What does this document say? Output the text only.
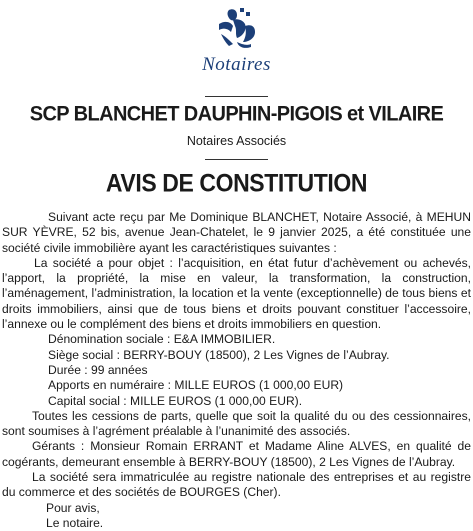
Notaires
SCP BLANCHET DAUPHIN-PIGOIS et VILAIRE
Notaires Associés
AVIS DE CONSTITUTION

Suivant acte reçu par Me Dominique BLANCHET, Notaire Associé, à MEHUN SUR YÈVRE, 52 bis, avenue Jean-Chatelet, le 9 janvier 2025, a été constituée une société civile immobilière ayant les caractéristiques suivantes :

La société a pour objet : l’acquisition, en état futur d’achèvement ou achevés, l’apport, la propriété, la mise en valeur, la transformation, la construction, l’aménagement, l’administration, la location et la vente (exceptionnelle) de tous biens et droits immobiliers, ainsi que de tous biens et droits pouvant constituer l’accessoire, l’annexe ou le complément des biens et droits immobiliers en question.

Dénomination sociale : E&A IMMOBILIER.

Siège social : BERRY-BOUY (18500), 2 Les Vignes de l’Aubray.

Durée : 99 années

Apports en numéraire : MILLE EUROS (1 000,00 EUR)

Capital social : MILLE EUROS (1 000,00 EUR).

Toutes les cessions de parts, quelle que soit la qualité du ou des cessionnaires, sont soumises à l’agrément préalable à l’unanimité des associés.

Gérants : Monsieur Romain ERRANT et Madame Aline ALVES, en qualité de cogérants, demeurant ensemble à BERRY-BOUY (18500), 2 Les Vignes de l’Aubray.

La société sera immatriculée au registre nationale des entreprises et au registre du commerce et des sociétés de BOURGES (Cher).

Pour avis,

Le notaire.
